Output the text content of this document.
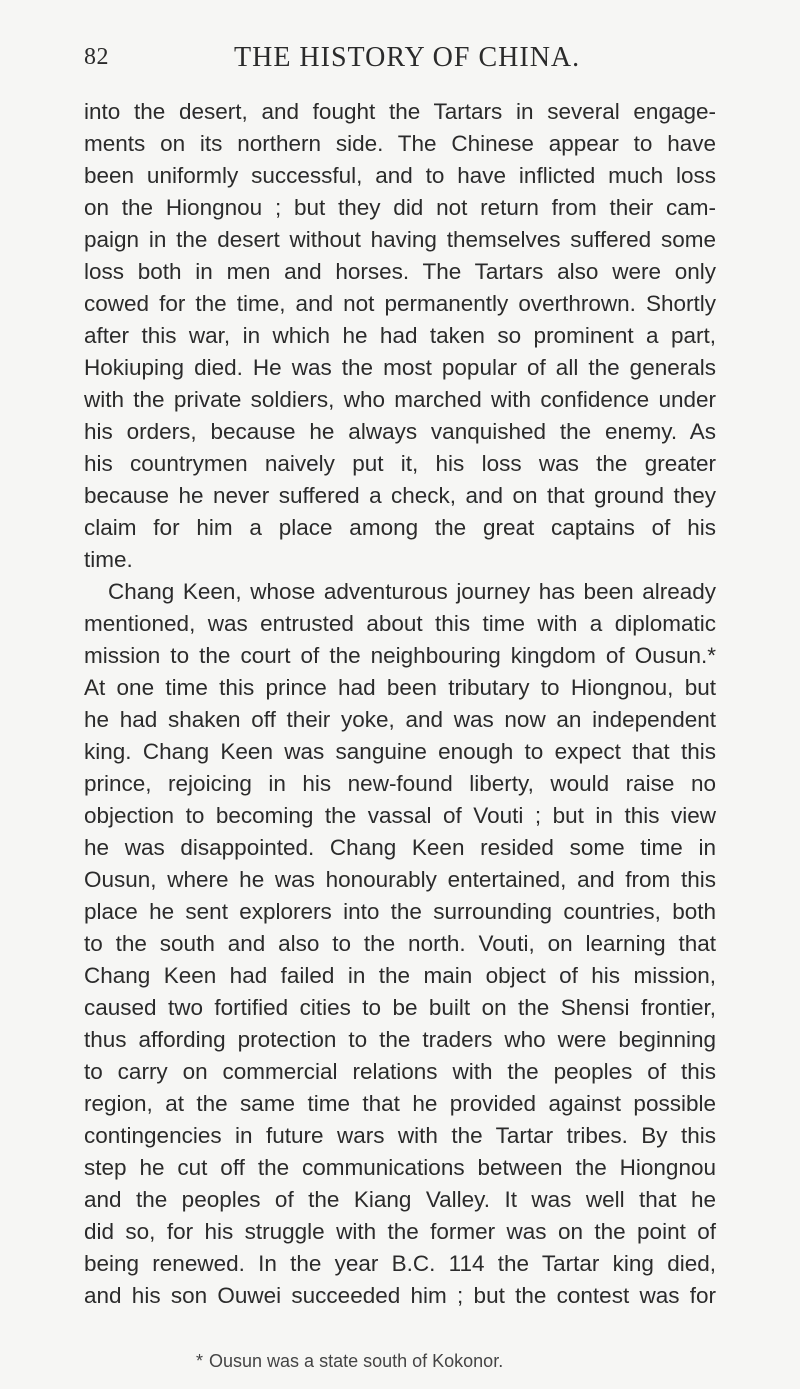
82	THE HISTORY OF CHINA.
into the desert, and fought the Tartars in several engage-
ments on its northern side. The Chinese appear to have
been uniformly successful, and to have inflicted much loss
on the Hiongnou ; but they did not return from their cam-
paign in the desert without having themselves suffered some
loss both in men and horses. The Tartars also were only
cowed for the time, and not permanently overthrown. Shortly
after this war, in which he had taken so prominent a part,
Hokiuping died. He was the most popular of all the generals
with the private soldiers, who marched with confidence under
his orders, because he always vanquished the enemy. As
his countrymen naively put it, his loss was the greater
because he never suffered a check, and on that ground they
claim for him a place among the great captains of his
time.
Chang Keen, whose adventurous journey has been already
mentioned, was entrusted about this time with a diplomatic
mission to the court of the neighbouring kingdom of Ousun.*
At one time this prince had been tributary to Hiongnou, but
he had shaken off their yoke, and was now an independent
king. Chang Keen was sanguine enough to expect that this
prince, rejoicing in his new-found liberty, would raise no
objection to becoming the vassal of Vouti ; but in this view
he was disappointed. Chang Keen resided some time in
Ousun, where he was honourably entertained, and from this
place he sent explorers into the surrounding countries, both
to the south and also to the north. Vouti, on learning that
Chang Keen had failed in the main object of his mission,
caused two fortified cities to be built on the Shensi frontier,
thus affording protection to the traders who were beginning
to carry on commercial relations with the peoples of this
region, at the same time that he provided against possible
contingencies in future wars with the Tartar tribes. By this
step he cut off the communications between the Hiongnou
and the peoples of the Kiang Valley. It was well that he
did so, for his struggle with the former was on the point of
being renewed. In the year B.C. 114 the Tartar king died,
and his son Ouwei succeeded him ; but the contest was for
* Ousun was a state south of Kokonor.
